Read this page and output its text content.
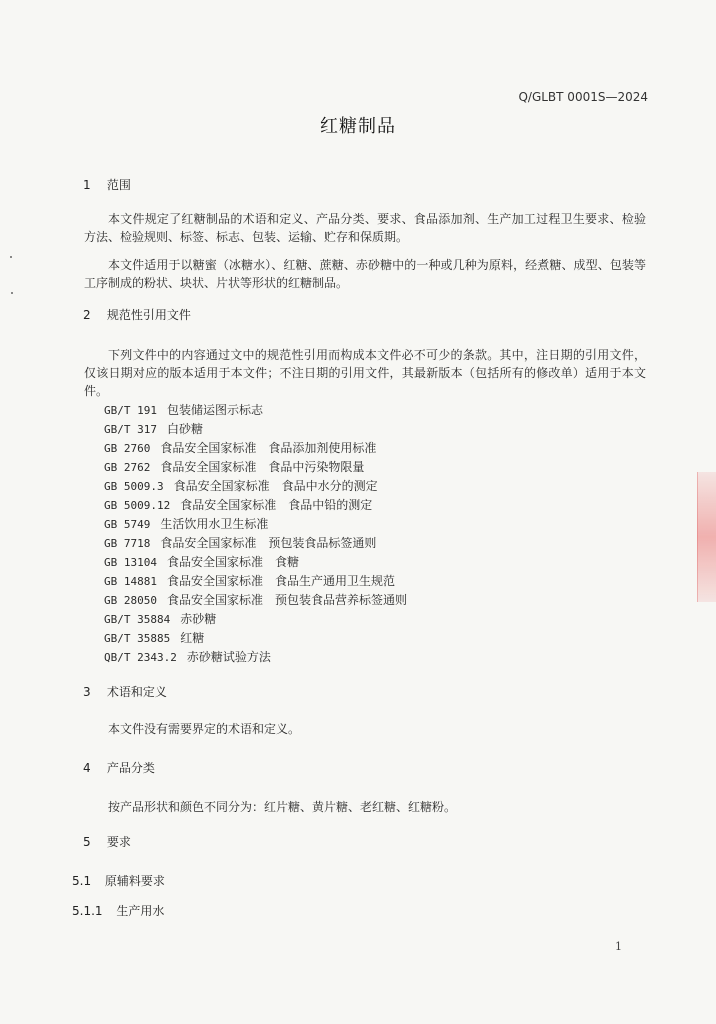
Q/GLBT 0001S—2024
红糖制品
1 范围
本文件规定了红糖制品的术语和定义、产品分类、要求、食品添加剂、生产加工过程卫生要求、检验方法、检验规则、标签、标志、包装、运输、贮存和保质期。
本文件适用于以糖蜜（冰糖水）、红糖、蔗糖、赤砂糖中的一种或几种为原料，经煮糖、成型、包装等工序制成的粉状、块状、片状等形状的红糖制品。
2 规范性引用文件
下列文件中的内容通过文中的规范性引用而构成本文件必不可少的条款。其中，注日期的引用文件，仅该日期对应的版本适用于本文件；不注日期的引用文件，其最新版本（包括所有的修改单）适用于本文件。
GB/T 191 包装储运图示标志
GB/T 317 白砂糖
GB 2760 食品安全国家标准　食品添加剂使用标准
GB 2762 食品安全国家标准　食品中污染物限量
GB 5009.3 食品安全国家标准　食品中水分的测定
GB 5009.12 食品安全国家标准　食品中铅的测定
GB 5749 生活饮用水卫生标准
GB 7718 食品安全国家标准　预包装食品标签通则
GB 13104 食品安全国家标准　食糖
GB 14881 食品安全国家标准　食品生产通用卫生规范
GB 28050 食品安全国家标准　预包装食品营养标签通则
GB/T 35884 赤砂糖
GB/T 35885 红糖
QB/T 2343.2 赤砂糖试验方法
3 术语和定义
本文件没有需要界定的术语和定义。
4 产品分类
按产品形状和颜色不同分为：红片糖、黄片糖、老红糖、红糖粉。
5 要求
5.1 原辅料要求
5.1.1 生产用水
1
